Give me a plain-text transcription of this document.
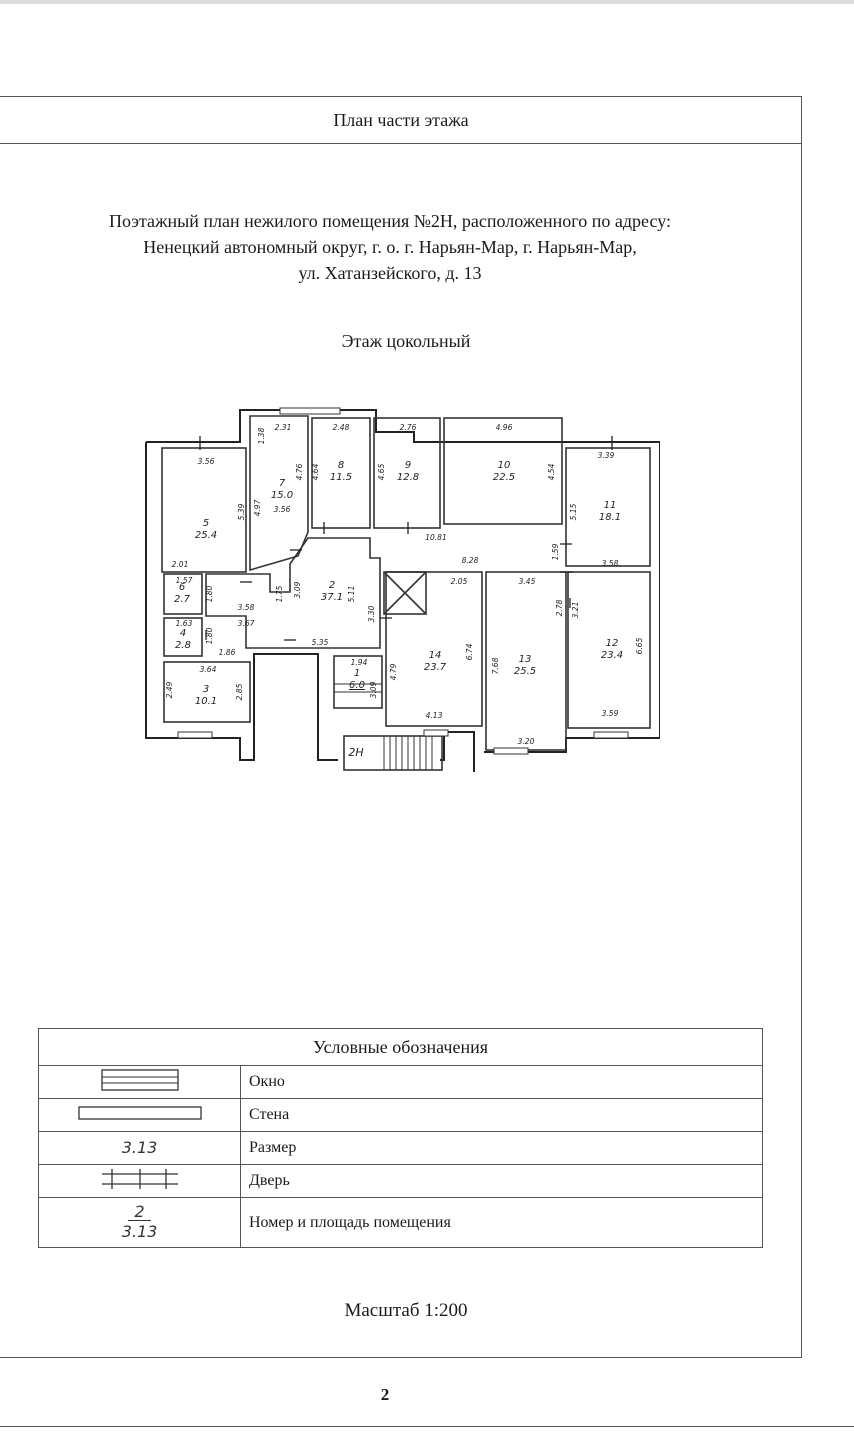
План части этажа
Поэтажный план нежилого помещения №2Н, расположенного по адресу:
Ненецкий автономный округ, г. о. г. Нарьян-Мар, г. Нарьян-Мар,
ул. Хатанзейского, д. 13
Этаж цокольный
1
6.0
2
37.1
3
10.1
4
2.8
5
25.4
6
2.7
7
15.0
8
11.5
9
12.8
10
22.5
11
18.1
12
23.4
13
25.5
14
23.7
2Н
2.31
1.38
2.48	2.76	4.96
3.56
4.76 4.64	4.65	4.54
3.39
5.39 4.97 3.56	5.15
10.81
2.01
1.57
1.80
8.28
1.59
2.05	3.45
3.58
1.75 3.09	5.11
3.58	2.78 3.21
1.63	3.67
1.80
3.30
6.74
5.35
1.86
1.94
4.79	7.68
6.65
3.64
2.49	2.85	3.09
4.13	3.59
3.20
Условные обозначения	
	Окно
	Стена
3.13	Размер
	Дверь
2
3.13	Номер и площадь помещения
Масштаб 1:200
2
